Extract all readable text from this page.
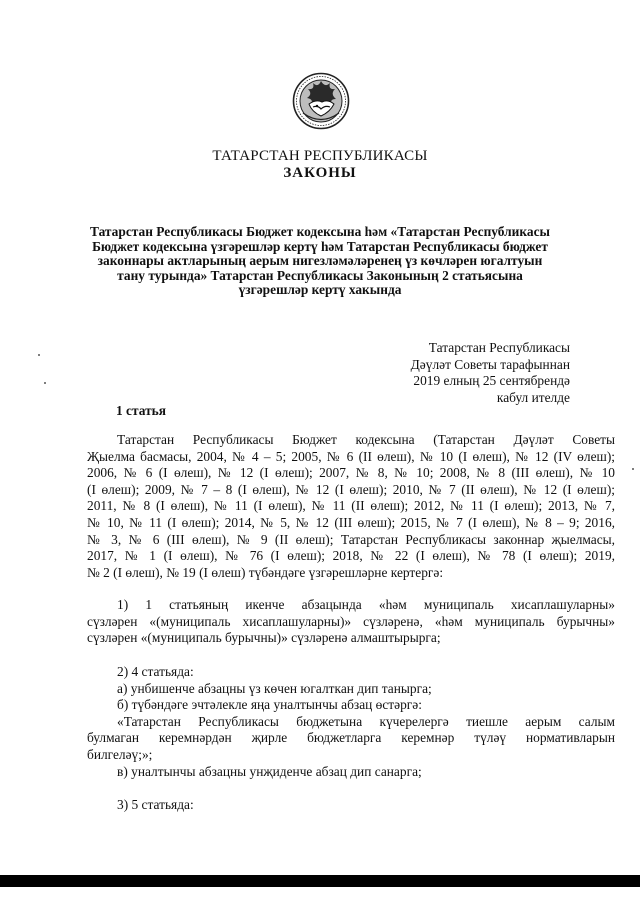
ТАТАРСТАН РЕСПУБЛИКАСЫ
ЗАКОНЫ
Татарстан Республикасы Бюджет кодексына һәм «Татарстан Республикасы
Бюджет кодексына үзгәрешләр кертү һәм Татарстан Республикасы бюджет
законнары актларының аерым нигезләмәләренең үз көчләрен югалтуын
тану турында» Татарстан Республикасы Законының 2 статьясына
үзгәрешләр кертү хакында
Татарстан Республикасы
Дәүләт Советы тарафыннан
2019 елның 25 сентябрендә
кабул ителде
1 статья
Татарстан Республикасы Бюджет кодексына (Татарстан Дәүләт Советы
Җыелма басмасы, 2004, № 4 – 5; 2005, № 6 (II өлеш), № 10 (I өлеш), № 12 (IV өлеш);
2006, № 6 (I өлеш), № 12 (I өлеш); 2007, № 8, № 10; 2008, № 8 (III өлеш), № 10
(I өлеш); 2009, № 7 – 8 (I өлеш), № 12 (I өлеш); 2010, № 7 (II өлеш), № 12 (I өлеш);
2011, № 8 (I өлеш), № 11 (I өлеш), № 11 (II өлеш); 2012, № 11 (I өлеш); 2013, № 7,
№ 10, № 11 (I өлеш); 2014, № 5, № 12 (III өлеш); 2015, № 7 (I өлеш), № 8 – 9; 2016,
№ 3, № 6 (III өлеш), № 9 (II өлеш); Татарстан Республикасы законнар җыелмасы,
2017, № 1 (I өлеш), № 76 (I өлеш); 2018, № 22 (I өлеш), № 78 (I өлеш); 2019,
№ 2 (I өлеш), № 19 (I өлеш) түбәндәге үзгәрешләрне кертергә:
1) 1 статьяның икенче абзацында «һәм муниципаль хисаплашуларны»
сүзләрен «(муниципаль хисаплашуларны)» сүзләренә, «һәм муниципаль бурычны»
сүзләрен «(муниципаль бурычны)» сүзләренә алмаштырырга;
2) 4 статьяда:
а) унбишенче абзацны үз көчен югалткан дип танырга;
б) түбәндәге эчтәлекле яңа уналтынчы абзац өстәргә:
«Татарстан Республикасы бюджетына күчерелергә тиешле аерым салым
булмаган керемнәрдән җирле бюджетларга керемнәр түләү нормативларын
билгеләү;»;
в) уналтынчы абзацны унҗиденче абзац дип санарга;
3) 5 статьяда:
